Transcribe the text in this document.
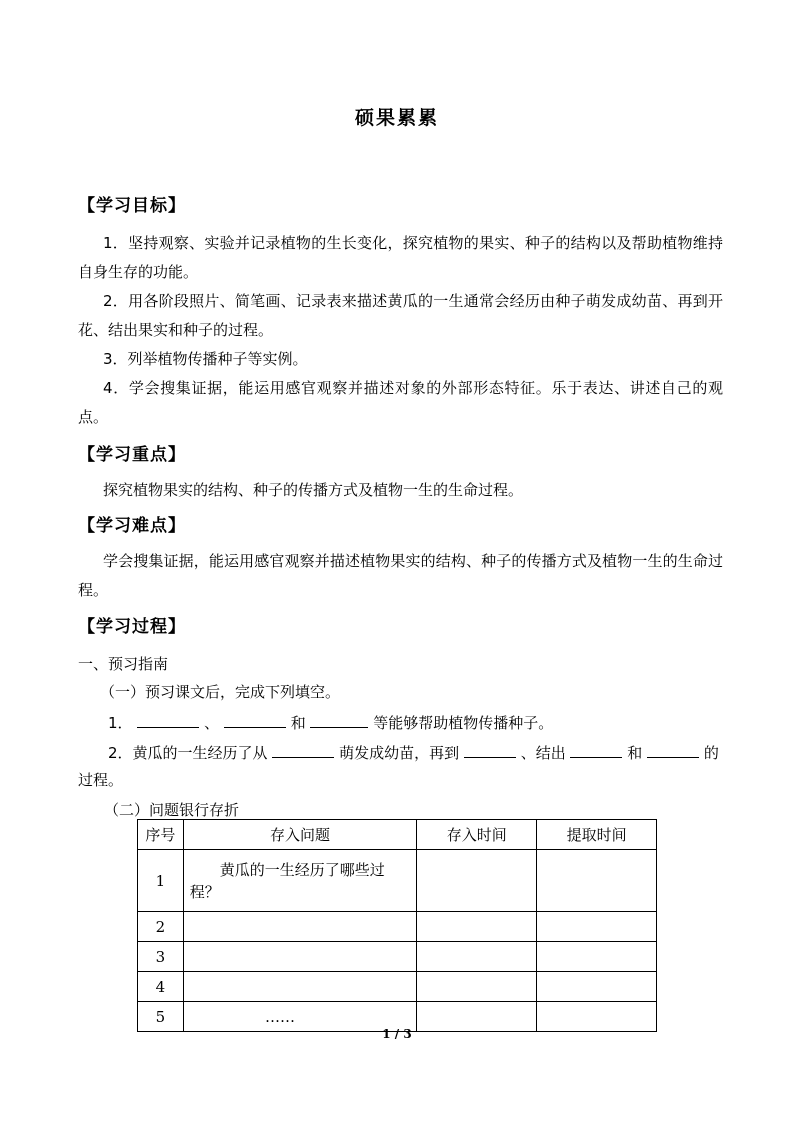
硕果累累
【学习目标】
1．坚持观察、实验并记录植物的生长变化，探究植物的果实、种子的结构以及帮助植物维持自身生存的功能。
2．用各阶段照片、简笔画、记录表来描述黄瓜的一生通常会经历由种子萌发成幼苗、再到开花、结出果实和种子的过程。
3．列举植物传播种子等实例。
4．学会搜集证据，能运用感官观察并描述对象的外部形态特征。乐于表达、讲述自己的观点。
【学习重点】
探究植物果实的结构、种子的传播方式及植物一生的生命过程。
【学习难点】
学会搜集证据，能运用感官观察并描述植物果实的结构、种子的传播方式及植物一生的生命过程。
【学习过程】
一、预习指南
（一）预习课文后，完成下列填空。
1．	、	和	等能够帮助植物传播种子。
2．黄瓜的一生经历了从	萌发成幼苗，再到	、结出	和	的
过程。
（二）问题银行存折
序号	存入问题	存入时间	提取时间
1	黄瓜的一生经历了哪些过程？		

2			
3			
4			
5	……		
1 / 3
